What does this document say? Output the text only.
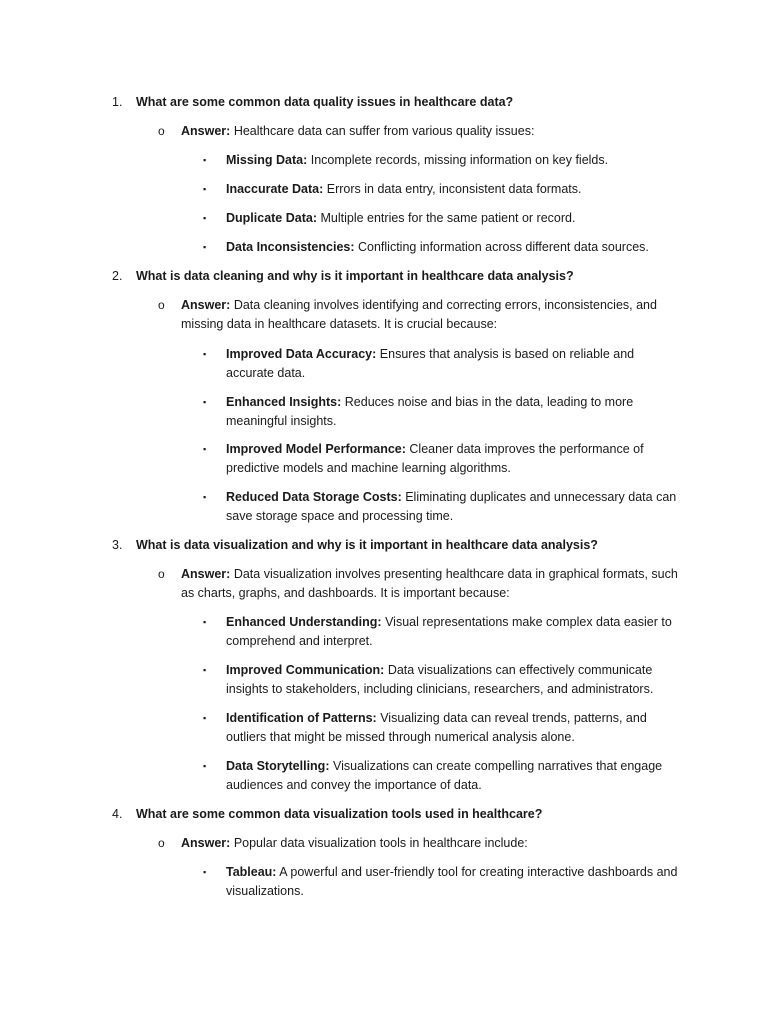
1. What are some common data quality issues in healthcare data?
o Answer: Healthcare data can suffer from various quality issues:
▪ Missing Data: Incomplete records, missing information on key fields.
▪ Inaccurate Data: Errors in data entry, inconsistent data formats.
▪ Duplicate Data: Multiple entries for the same patient or record.
▪ Data Inconsistencies: Conflicting information across different data sources.
2. What is data cleaning and why is it important in healthcare data analysis?
o Answer: Data cleaning involves identifying and correcting errors, inconsistencies, and missing data in healthcare datasets. It is crucial because:
▪ Improved Data Accuracy: Ensures that analysis is based on reliable and accurate data.
▪ Enhanced Insights: Reduces noise and bias in the data, leading to more meaningful insights.
▪ Improved Model Performance: Cleaner data improves the performance of predictive models and machine learning algorithms.
▪ Reduced Data Storage Costs: Eliminating duplicates and unnecessary data can save storage space and processing time.
3. What is data visualization and why is it important in healthcare data analysis?
o Answer: Data visualization involves presenting healthcare data in graphical formats, such as charts, graphs, and dashboards. It is important because:
▪ Enhanced Understanding: Visual representations make complex data easier to comprehend and interpret.
▪ Improved Communication: Data visualizations can effectively communicate insights to stakeholders, including clinicians, researchers, and administrators.
▪ Identification of Patterns: Visualizing data can reveal trends, patterns, and outliers that might be missed through numerical analysis alone.
▪ Data Storytelling: Visualizations can create compelling narratives that engage audiences and convey the importance of data.
4. What are some common data visualization tools used in healthcare?
o Answer: Popular data visualization tools in healthcare include:
▪ Tableau: A powerful and user-friendly tool for creating interactive dashboards and visualizations.
